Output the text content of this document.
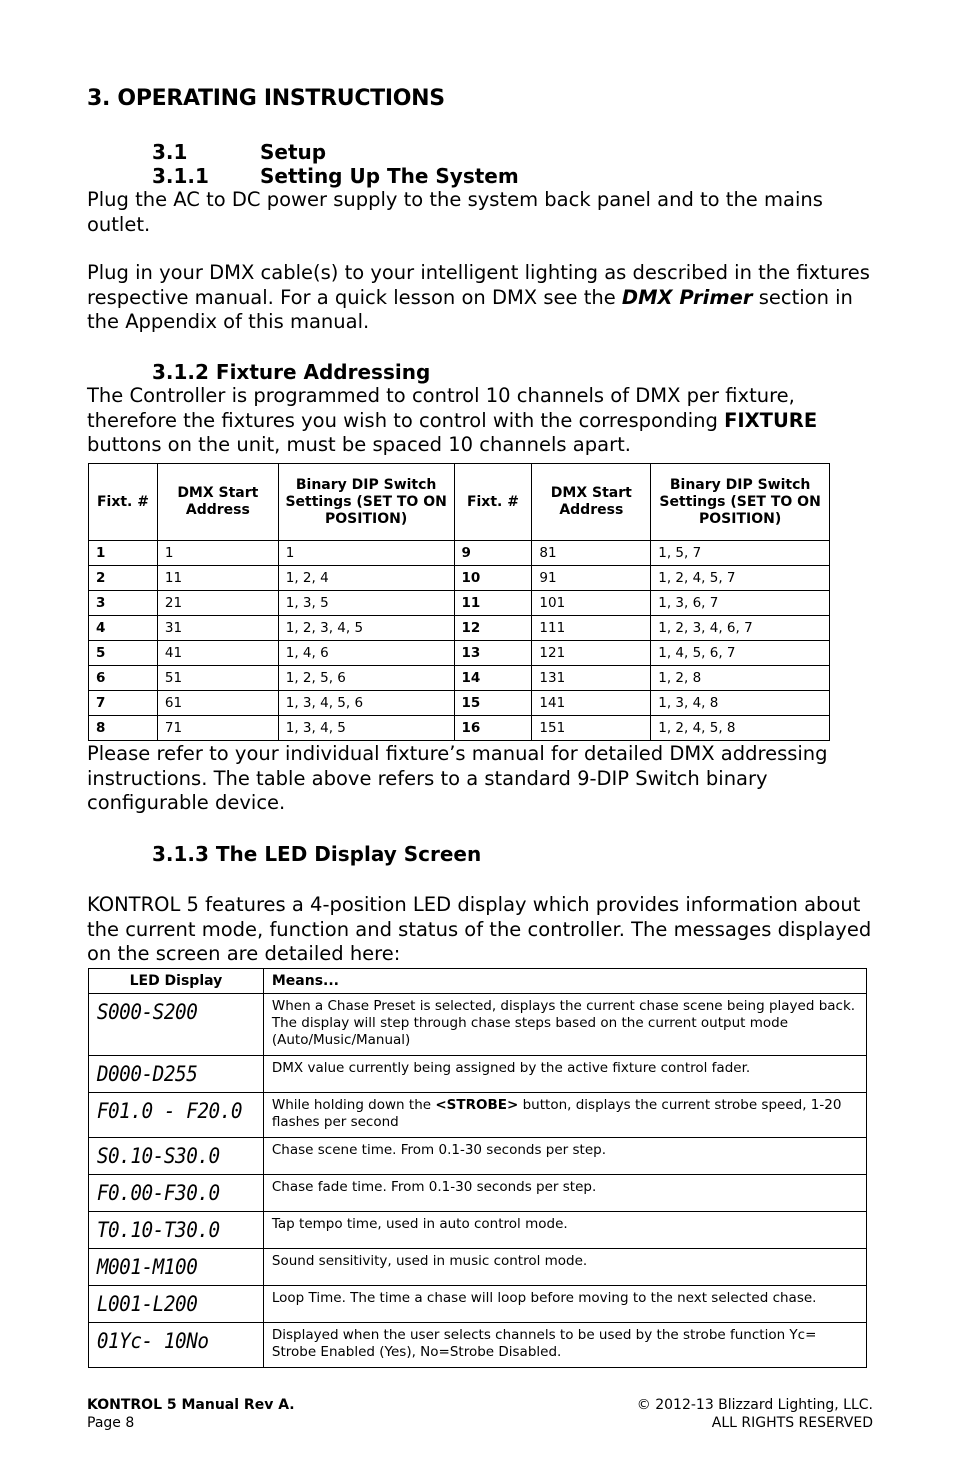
3. OPERATING INSTRUCTIONS
3.1	Setup
3.1.1	Setting Up The System
Plug the AC to DC power supply to the system back panel and to the mains outlet.
Plug in your DMX cable(s) to your intelligent lighting as described in the fixtures respective manual. For a quick lesson on DMX see the DMX Primer section in the Appendix of this manual.
3.1.2 Fixture Addressing
The Controller is programmed to control 10 channels of DMX per fixture, therefore the fixtures you wish to control with the corresponding FIXTURE buttons on the unit, must be spaced 10 channels apart.
Fixt. #	DMX Start Address	Binary DIP Switch Settings (SET TO ON POSITION)	Fixt. #	DMX Start Address	Binary DIP Switch Settings (SET TO ON POSITION)
1	1	1	9	81	1, 5, 7
2	11	1, 2, 4	10	91	1, 2, 4, 5, 7
3	21	1, 3, 5	11	101	1, 3, 6, 7
4	31	1, 2, 3, 4, 5	12	111	1, 2, 3, 4, 6, 7
5	41	1, 4, 6	13	121	1, 4, 5, 6, 7
6	51	1, 2, 5, 6	14	131	1, 2, 8
7	61	1, 3, 4, 5, 6	15	141	1, 3, 4, 8
8	71	1, 3, 4, 5	16	151	1, 2, 4, 5, 8
Please refer to your individual fixture’s manual for detailed DMX addressing instructions. The table above refers to a standard 9-DIP Switch binary configurable device.
3.1.3 The LED Display Screen
KONTROL 5 features a 4-position LED display which provides information about the current mode, function and status of the controller. The messages displayed on the screen are detailed here:
LED Display	Means...
S000-S200	When a Chase Preset is selected, displays the current chase scene being played back. The display will step through chase steps based on the current output mode (Auto/Music/Manual)
D000-D255	DMX value currently being assigned by the active fixture control fader.
F01.0 - F20.0	While holding down the <STROBE> button, displays the current strobe speed, 1-20 flashes per second
S0.10-S30.0	Chase scene time. From 0.1-30 seconds per step.
F0.00-F30.0	Chase fade time. From 0.1-30 seconds per step.
T0.10-T30.0	Tap tempo time, used in auto control mode.
M001-M100	Sound sensitivity, used in music control mode.
L001-L200	Loop Time. The time a chase will loop before moving to the next selected chase.
01Yc- 10No	Displayed when the user selects channels to be used by the strobe function Yc= Strobe Enabled (Yes), No=Strobe Disabled.
KONTROL 5 Manual Rev A.
Page 8
© 2012-13 Blizzard Lighting, LLC.
ALL RIGHTS RESERVED
